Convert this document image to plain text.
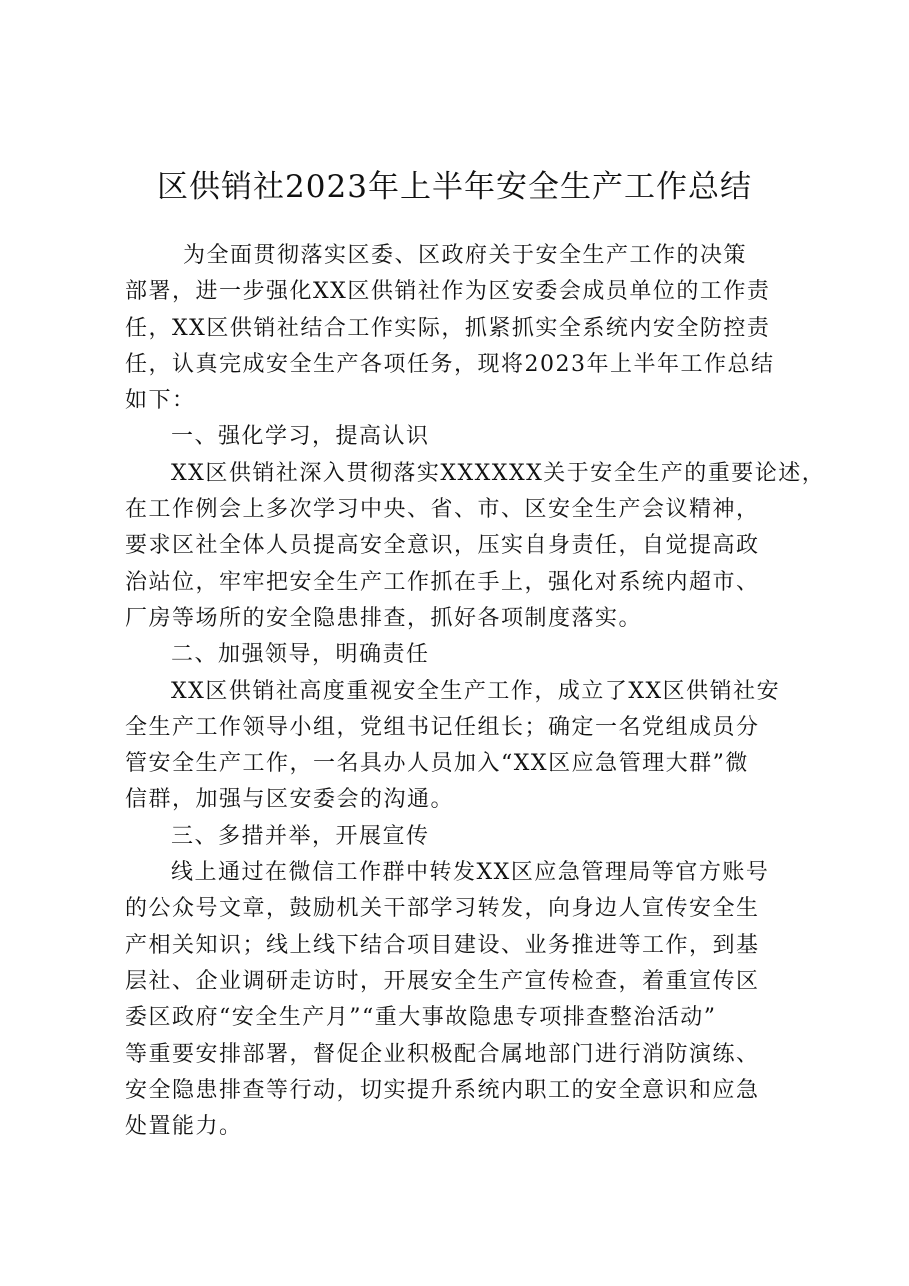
区供销社2023年上半年安全生产工作总结
为全面贯彻落实区委、区政府关于安全生产工作的决策
部署，进一步强化XX区供销社作为区安委会成员单位的工作责
任，XX区供销社结合工作实际，抓紧抓实全系统内安全防控责
任，认真完成安全生产各项任务，现将2023年上半年工作总结
如下：
一、强化学习，提高认识
XX区供销社深入贯彻落实XXXXXX关于安全生产的重要论述，
在工作例会上多次学习中央、省、市、区安全生产会议精神，
要求区社全体人员提高安全意识，压实自身责任，自觉提高政
治站位，牢牢把安全生产工作抓在手上，强化对系统内超市、
厂房等场所的安全隐患排查，抓好各项制度落实。
二、加强领导，明确责任
XX区供销社高度重视安全生产工作，成立了XX区供销社安
全生产工作领导小组，党组书记任组长；确定一名党组成员分
管安全生产工作，一名具办人员加入“XX区应急管理大群”微
信群，加强与区安委会的沟通。
三、多措并举，开展宣传
线上通过在微信工作群中转发XX区应急管理局等官方账号
的公众号文章，鼓励机关干部学习转发，向身边人宣传安全生
产相关知识；线上线下结合项目建设、业务推进等工作，到基
层社、企业调研走访时，开展安全生产宣传检查，着重宣传区
委区政府“安全生产月”“重大事故隐患专项排查整治活动”
等重要安排部署，督促企业积极配合属地部门进行消防演练、
安全隐患排查等行动，切实提升系统内职工的安全意识和应急
处置能力。
